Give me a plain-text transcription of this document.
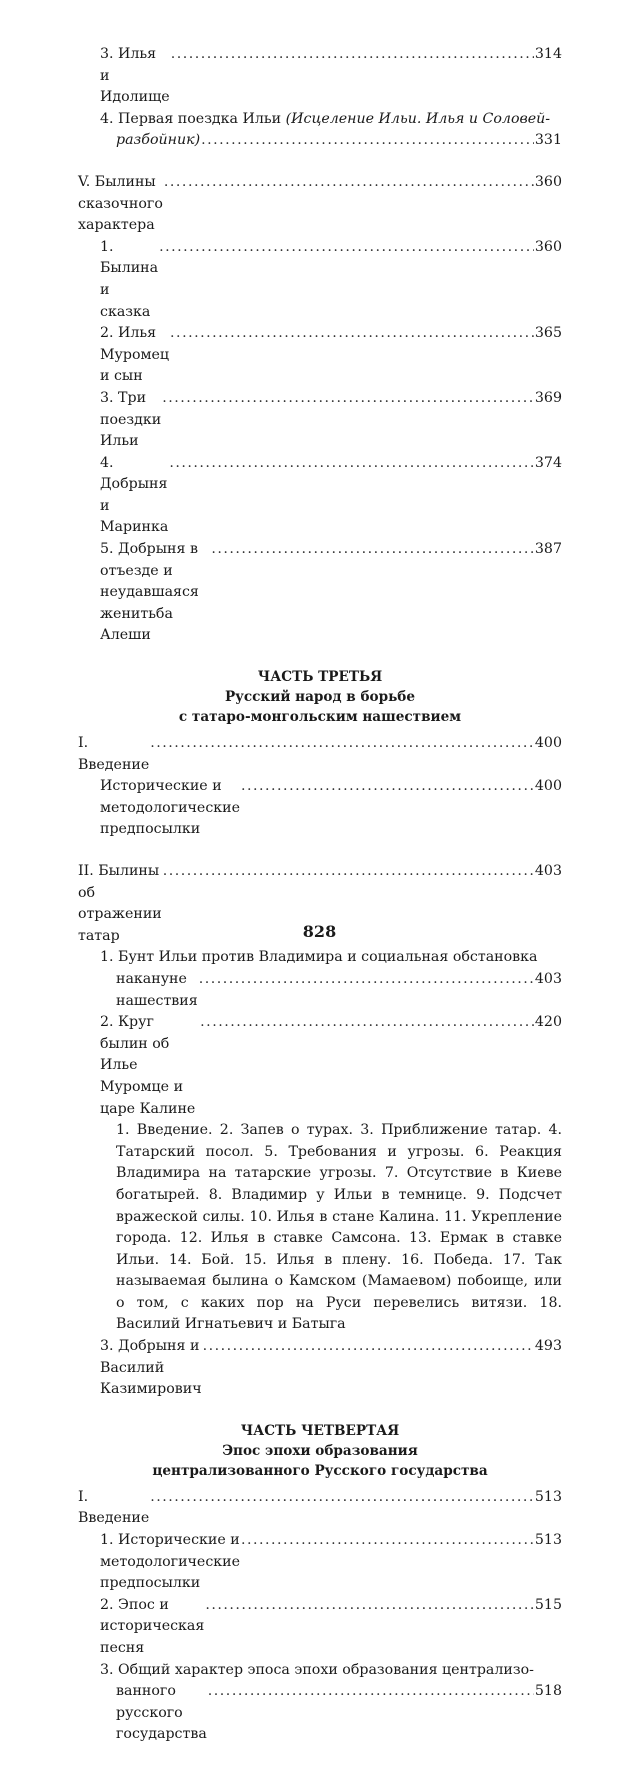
3. Илья и Идолище
.....
314
4. Первая поездка Ильи (Исцеление Ильи. Илья и Соловей-
разбойник)
.....	331
V. Былины сказочного характера
.....
360
1. Былина и сказка
.....
360
2. Илья Муромец и сын
.....
365
3. Три поездки Ильи
.....
369
4. Добрыня и Маринка
.....
374
5. Добрыня в отъезде и неудавшаяся женитьба Алеши
.....
387
ЧАСТЬ ТРЕТЬЯ
Русский народ в борьбе
с татаро-монгольским нашествием
I. Введение
.....
400
Исторические и методологические предпосылки
.....
400
II. Былины об отражении татар
.....
403
1. Бунт Ильи против Владимира и социальная обстановка
накануне нашествия
.....
403
2. Круг былин об Илье Муромце и царе Калине
.....
420
1. Введение. 2. Запев о турах. 3. Приближение татар. 4. Татарский посол. 5. Требования и угрозы. 6. Реакция Владимира на татарские угрозы. 7. Отсутствие в Киеве богатырей. 8. Владимир у Ильи в темнице. 9. Подсчет вражеской силы. 10. Илья в стане Калина. 11. Укрепление города. 12. Илья в ставке Самсона. 13. Ермак в ставке Ильи. 14. Бой. 15. Илья в плену. 16. Победа. 17. Так называемая былина о Камском (Мамаевом) побоище, или о том, с каких пор на Руси перевелись витязи. 18. Василий Игнатьевич и Батыга
3. Добрыня и Василий Казимирович
.....
493
ЧАСТЬ ЧЕТВЕРТАЯ
Эпос эпохи образования
централизованного Русского государства
I. Введение
.....
513
1. Исторические и методологические предпосылки
.....
513
2. Эпос и историческая песня
.....
515
3. Общий характер эпоса эпохи образования централизо-
ванного русского государства
.....
518
828
